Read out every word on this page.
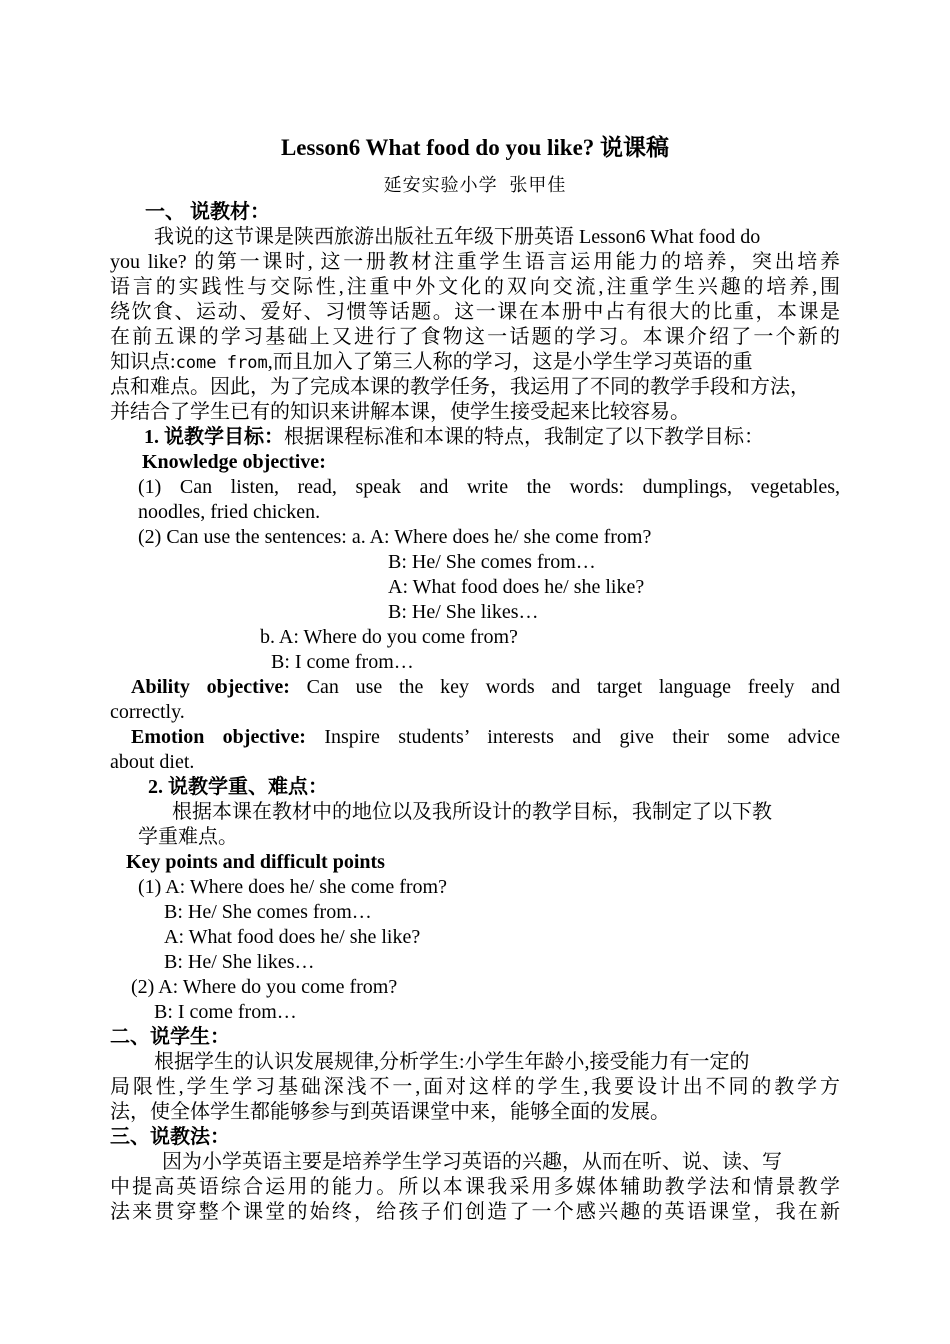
Lesson6 What food do you like? 说课稿
延安实验小学 张甲佳
一、 说教材：
我说的这节课是陕西旅游出版社五年级下册英语 Lesson6 What food do
you like? 的第一课时, 这一册教材注重学生语言运用能力的培养，突出培养
语言的实践性与交际性,注重中外文化的双向交流,注重学生兴趣的培养,围
绕饮食、运动、爱好、习惯等话题。这一课在本册中占有很大的比重，本课是
在前五课的学习基础上又进行了食物这一话题的学习。本课介绍了一个新的
知识点:come from,而且加入了第三人称的学习，这是小学生学习英语的重
点和难点。因此，为了完成本课的教学任务，我运用了不同的教学手段和方法，
并结合了学生已有的知识来讲解本课，使学生接受起来比较容易。
1. 说教学目标：根据课程标准和本课的特点，我制定了以下教学目标：
Knowledge objective:
(1) Can listen, read, speak and write the words: dumplings, vegetables,
noodles, fried chicken.
(2) Can use the sentences: a. A: Where does he/ she come from?
B: He/ She comes from…
A: What food does he/ she like?
B: He/ She likes…
b. A: Where do you come from?
B: I come from…
Ability objective: Can use the key words and target language freely and
correctly.
Emotion objective: Inspire students’ interests and give their some advice
about diet.
2. 说教学重、难点：
根据本课在教材中的地位以及我所设计的教学目标，我制定了以下教
学重难点。
Key points and difficult points
(1) A: Where does he/ she come from?
B: He/ She comes from…
A: What food does he/ she like?
B: He/ She likes…
(2) A: Where do you come from?
B: I come from…
二、说学生：
根据学生的认识发展规律,分析学生:小学生年龄小,接受能力有一定的
局限性,学生学习基础深浅不一,面对这样的学生,我要设计出不同的教学方
法，使全体学生都能够参与到英语课堂中来，能够全面的发展。
三、说教法：
因为小学英语主要是培养学生学习英语的兴趣，从而在听、说、读、写
中提高英语综合运用的能力。所以本课我采用多媒体辅助教学法和情景教学
法来贯穿整个课堂的始终，给孩子们创造了一个感兴趣的英语课堂，我在新
